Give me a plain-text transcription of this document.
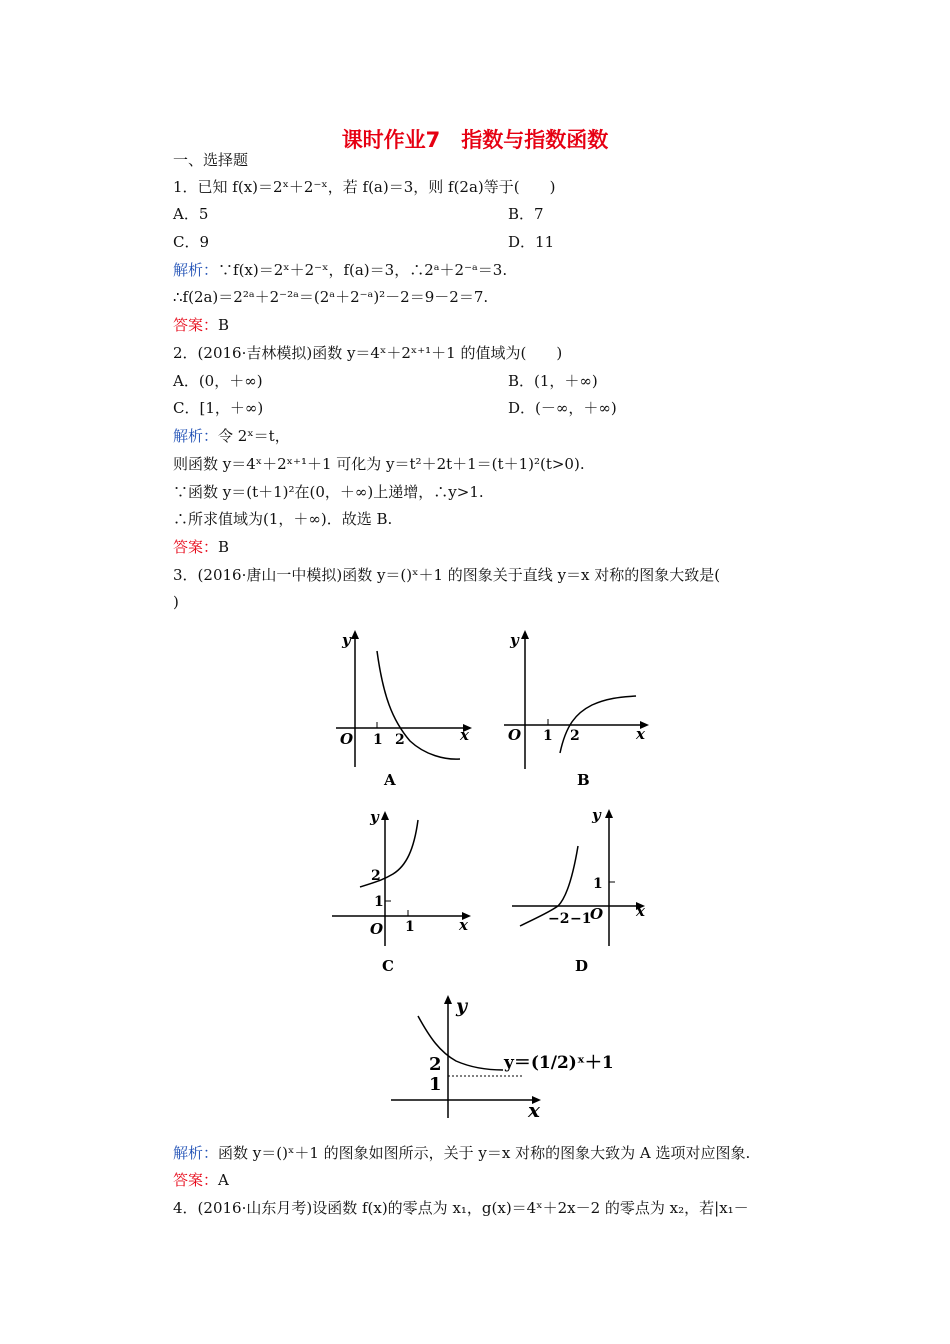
课时作业7　指数与指数函数
一、选择题
1．已知 f(x)＝2ˣ＋2⁻ˣ，若 f(a)＝3，则 f(2a)等于(　　)
A．5	B．7
C．9	D．11
解析：∵f(x)＝2ˣ＋2⁻ˣ，f(a)＝3，∴2ᵃ＋2⁻ᵃ＝3.
∴f(2a)＝2²ᵃ＋2⁻²ᵃ＝(2ᵃ＋2⁻ᵃ)²－2＝9－2＝7.
答案：B
2．(2016·吉林模拟)函数 y＝4ˣ＋2ˣ⁺¹＋1 的值域为(　　)
A．(0，＋∞)	B．(1，＋∞)
C．[1，＋∞)	D．(－∞，＋∞)
解析：令 2ˣ＝t，
则函数 y＝4ˣ＋2ˣ⁺¹＋1 可化为 y＝t²＋2t＋1＝(t＋1)²(t>0).
∵函数 y＝(t＋1)²在(0，＋∞)上递增，∴y>1.
∴所求值域为(1，＋∞)．故选 B.
答案：B
3．(2016·唐山一中模拟)函数 y＝()ˣ＋1 的图象关于直线 y＝x 对称的图象大致是(
)
y
O 1 2	x
A
y
O 1 2	x
B
y
2
1
O 1	x
C
y
1
−2 −1
O x
D
y
2
1
x
y＝(1/2)ˣ＋1
解析：函数 y＝()ˣ＋1 的图象如图所示，关于 y＝x 对称的图象大致为 A 选项对应图象.
答案：A
4．(2016·山东月考)设函数 f(x)的零点为 x₁，g(x)＝4ˣ＋2x－2 的零点为 x₂，若|x₁－
